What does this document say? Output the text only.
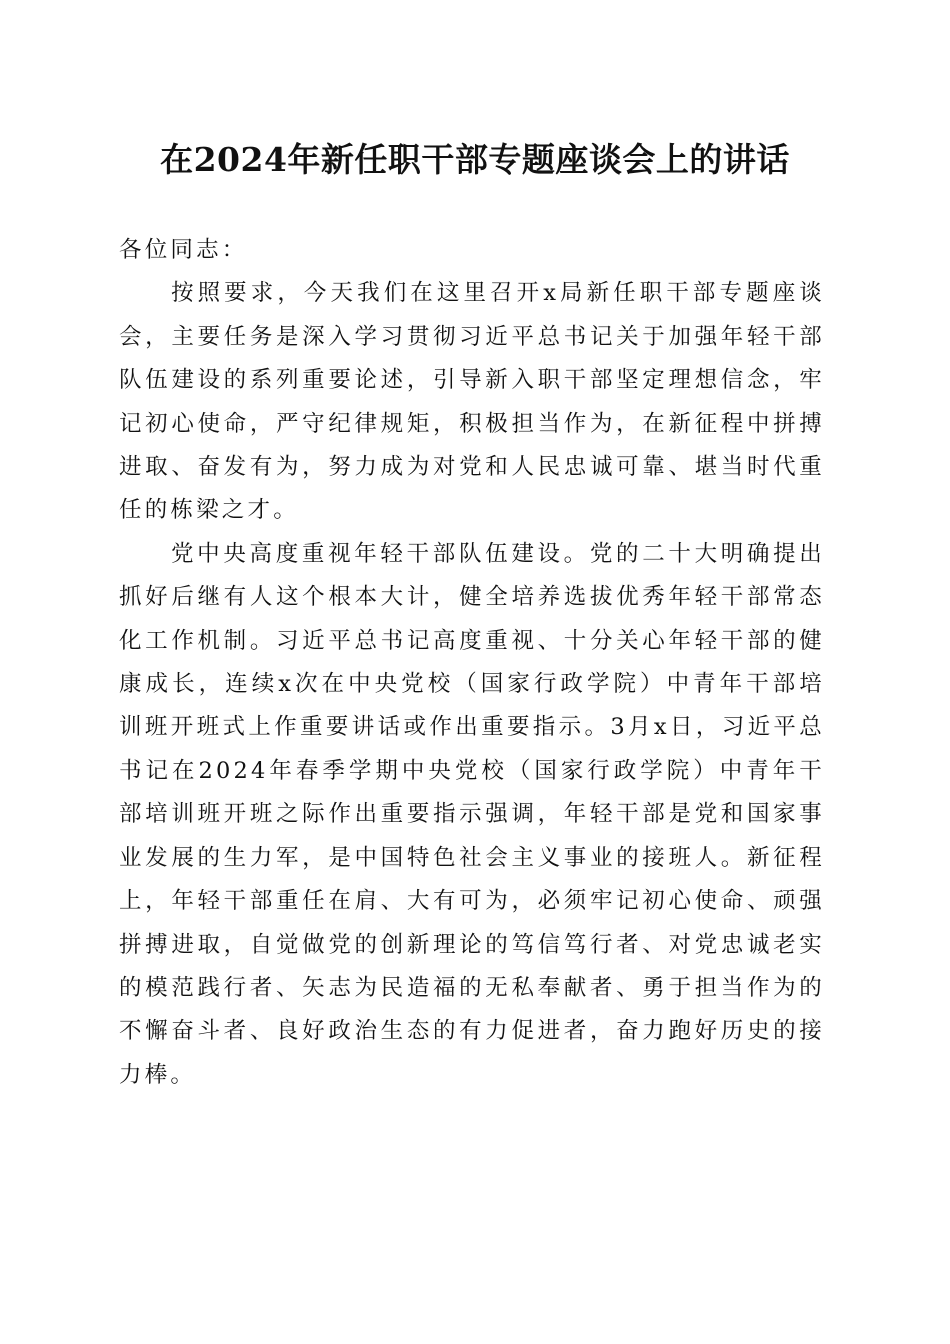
在2024年新任职干部专题座谈会上的讲话

各位同志：

按照要求，今天我们在这里召开x局新任职干部专题座谈会，主要任务是深入学习贯彻习近平总书记关于加强年轻干部队伍建设的系列重要论述，引导新入职干部坚定理想信念，牢记初心使命，严守纪律规矩，积极担当作为，在新征程中拼搏进取、奋发有为，努力成为对党和人民忠诚可靠、堪当时代重任的栋梁之才。

党中央高度重视年轻干部队伍建设。党的二十大明确提出抓好后继有人这个根本大计，健全培养选拔优秀年轻干部常态化工作机制。习近平总书记高度重视、十分关心年轻干部的健康成长，连续x次在中央党校（国家行政学院）中青年干部培训班开班式上作重要讲话或作出重要指示。3月x日，习近平总书记在2024年春季学期中央党校（国家行政学院）中青年干部培训班开班之际作出重要指示强调，年轻干部是党和国家事业发展的生力军，是中国特色社会主义事业的接班人。新征程上，年轻干部重任在肩、大有可为，必须牢记初心使命、顽强拼搏进取，自觉做党的创新理论的笃信笃行者、对党忠诚老实的模范践行者、矢志为民造福的无私奉献者、勇于担当作为的不懈奋斗者、良好政治生态的有力促进者，奋力跑好历史的接力棒。
